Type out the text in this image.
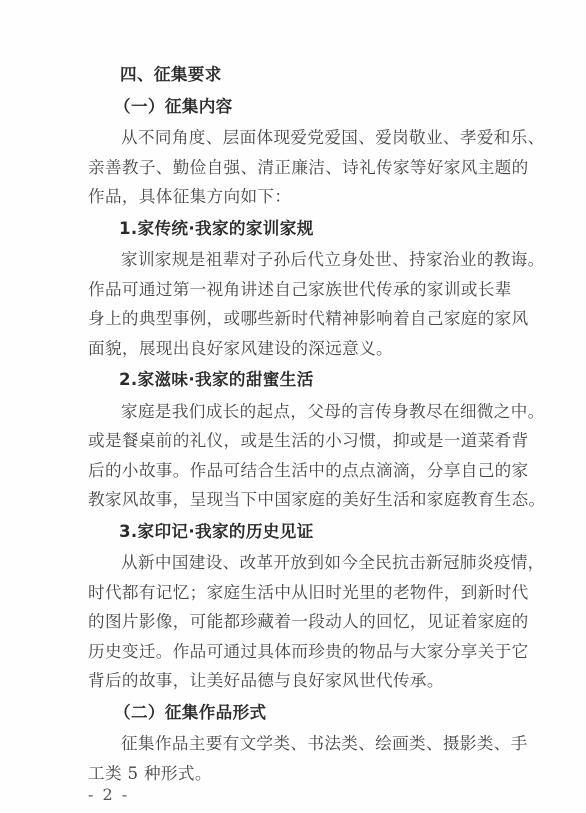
四、征集要求

（一）征集内容

从不同角度、层面体现爱党爱国、爱岗敬业、孝爱和乐、
亲善教子、勤俭自强、清正廉洁、诗礼传家等好家风主题的
作品，具体征集方向如下：

1.家传统·我家的家训家规

家训家规是祖辈对子孙后代立身处世、持家治业的教诲。
作品可通过第一视角讲述自己家族世代传承的家训或长辈
身上的典型事例，或哪些新时代精神影响着自己家庭的家风
面貌，展现出良好家风建设的深远意义。

2.家滋味·我家的甜蜜生活

家庭是我们成长的起点，父母的言传身教尽在细微之中。
或是餐桌前的礼仪，或是生活的小习惯，抑或是一道菜肴背
后的小故事。作品可结合生活中的点点滴滴，分享自己的家
教家风故事，呈现当下中国家庭的美好生活和家庭教育生态。

3.家印记·我家的历史见证

从新中国建设、改革开放到如今全民抗击新冠肺炎疫情，
时代都有记忆；家庭生活中从旧时光里的老物件，到新时代
的图片影像，可能都珍藏着一段动人的回忆，见证着家庭的
历史变迁。作品可通过具体而珍贵的物品与大家分享关于它
背后的故事，让美好品德与良好家风世代传承。

（二）征集作品形式

征集作品主要有文学类、书法类、绘画类、摄影类、手
工类 5 种形式。

- 2 -
